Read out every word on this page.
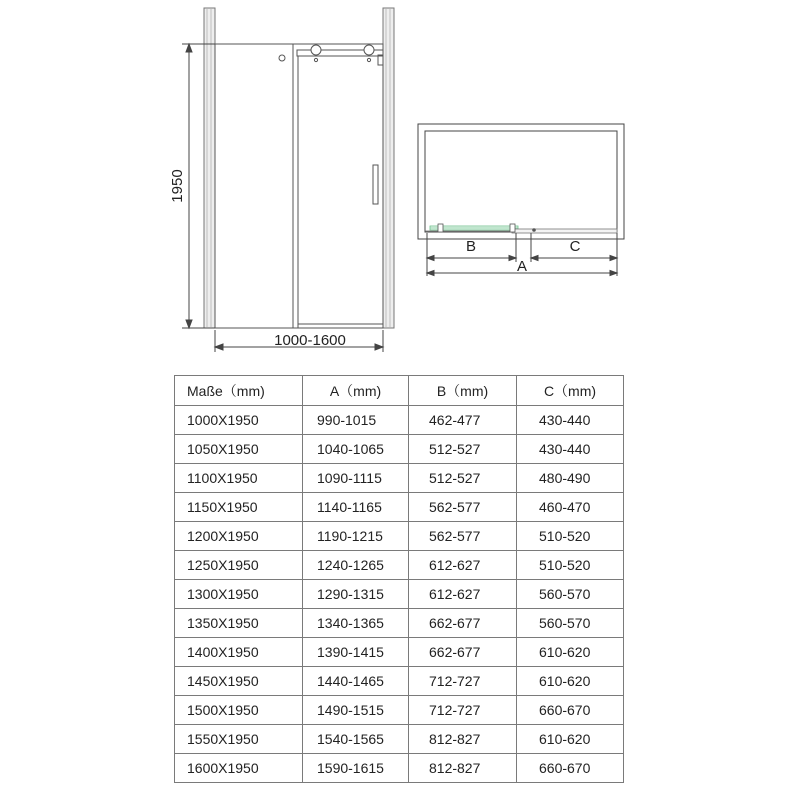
1950
1000-1600
B	C
A
Maße（mm)	A（mm)	B（mm)	C（mm)
1000X1950	990-1015	462-477	430-440
1050X1950	1040-1065	512-527	430-440
1100X1950	1090-1115	512-527	480-490
1150X1950	1140-1165	562-577	460-470
1200X1950	1190-1215	562-577	510-520
1250X1950	1240-1265	612-627	510-520
1300X1950	1290-1315	612-627	560-570
1350X1950	1340-1365	662-677	560-570
1400X1950	1390-1415	662-677	610-620
1450X1950	1440-1465	712-727	610-620
1500X1950	1490-1515	712-727	660-670
1550X1950	1540-1565	812-827	610-620
1600X1950	1590-1615	812-827	660-670
